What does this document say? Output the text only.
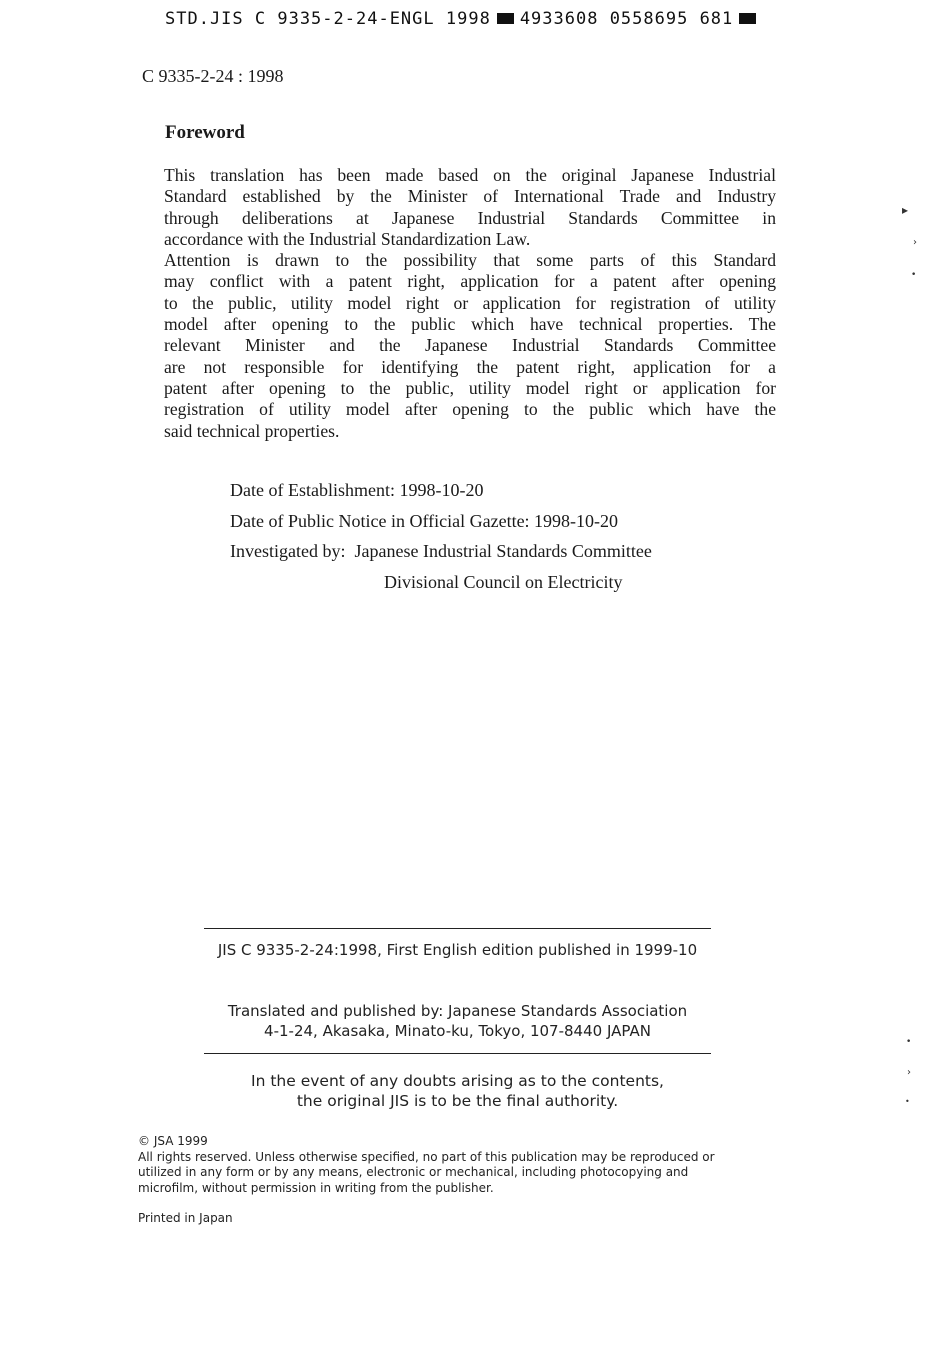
STD.JIS C 9335-2-24-ENGL 1998 4933608 0558695 681
C 9335-2-24 : 1998
Foreword
This translation has been made based on the original Japanese Industrial
Standard established by the Minister of International Trade and Industry
through deliberations at Japanese Industrial Standards Committee in
accordance with the Industrial Standardization Law.
Attention is drawn to the possibility that some parts of this Standard
may conflict with a patent right, application for a patent after opening
to the public, utility model right or application for registration of utility
model after opening to the public which have technical properties. The
relevant Minister and the Japanese Industrial Standards Committee
are not responsible for identifying the patent right, application for a
patent after opening to the public, utility model right or application for
registration of utility model after opening to the public which have the
said technical properties.
Date of Establishment: 1998-10-20
Date of Public Notice in Official Gazette: 1998-10-20
Investigated by: Japanese Industrial Standards Committee
Divisional Council on Electricity
JIS C 9335-2-24:1998, First English edition published in 1999-10
Translated and published by: Japanese Standards Association
4-1-24, Akasaka, Minato-ku, Tokyo, 107-8440 JAPAN
In the event of any doubts arising as to the contents,
the original JIS is to be the final authority.
© JSA 1999
All rights reserved. Unless otherwise specified, no part of this publication may be reproduced or
utilized in any form or by any means, electronic or mechanical, including photocopying and
microfilm, without permission in writing from the publisher.
Printed in Japan
▸
›
•
•
›
•
